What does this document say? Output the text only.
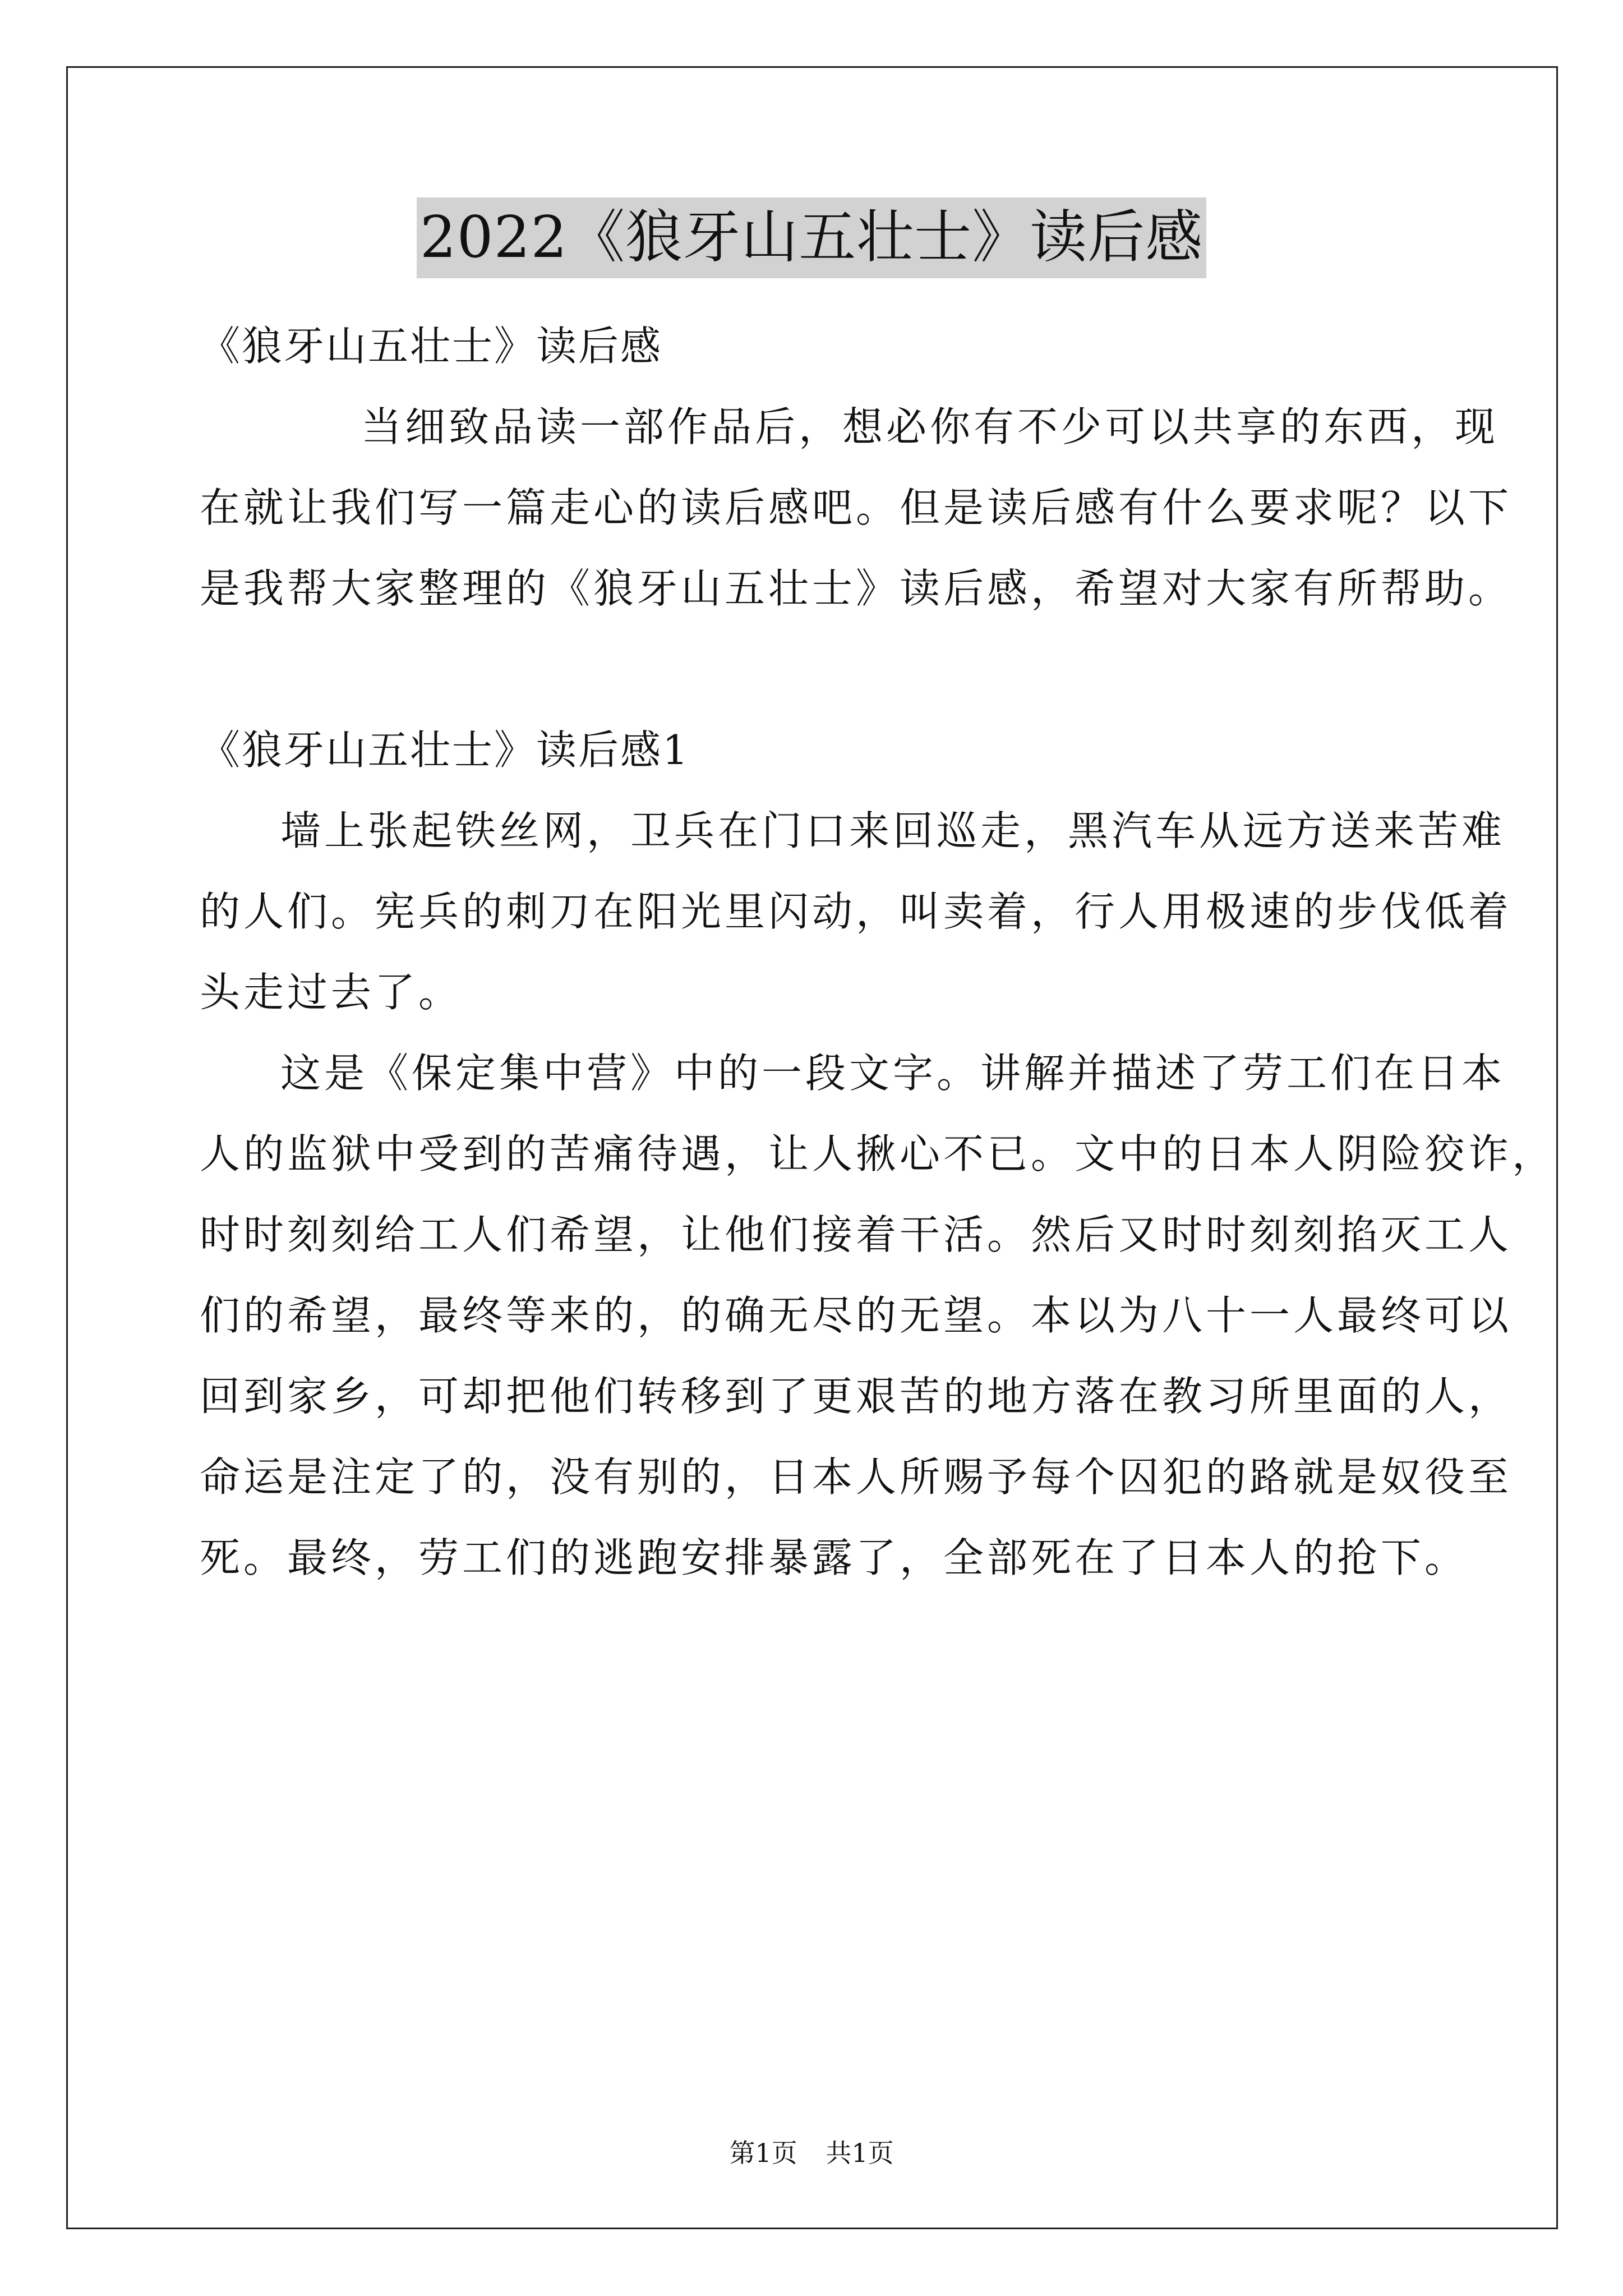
2022《狼牙山五壮士》读后感
《狼牙山五壮士》读后感
当细致品读一部作品后，想必你有不少可以共享的东西，现
在就让我们写一篇走心的读后感吧。但是读后感有什么要求呢？以下
是我帮大家整理的《狼牙山五壮士》读后感，希望对大家有所帮助。
《狼牙山五壮士》读后感1
墙上张起铁丝网，卫兵在门口来回巡走，黑汽车从远方送来苦难
的人们。宪兵的刺刀在阳光里闪动，叫卖着，行人用极速的步伐低着
头走过去了。
这是《保定集中营》中的一段文字。讲解并描述了劳工们在日本
人的监狱中受到的苦痛待遇，让人揪心不已。文中的日本人阴险狡诈，
时时刻刻给工人们希望，让他们接着干活。然后又时时刻刻掐灭工人
们的希望，最终等来的，的确无尽的无望。本以为八十一人最终可以
回到家乡，可却把他们转移到了更艰苦的地方落在教习所里面的人，
命运是注定了的，没有别的，日本人所赐予每个囚犯的路就是奴役至
死。最终，劳工们的逃跑安排暴露了，全部死在了日本人的抢下。
第1页 共1页
